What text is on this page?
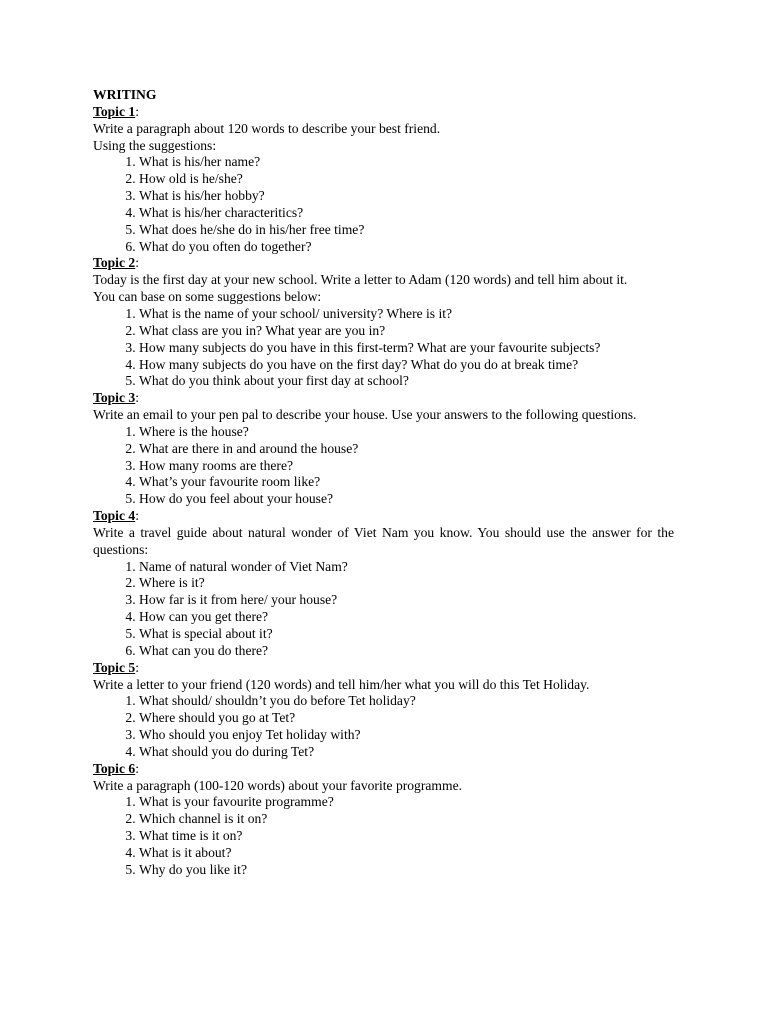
WRITING

Topic 1:

Write a paragraph about 120 words to describe your best friend.

Using the suggestions:

1. What is his/her name?
2. How old is he/she?
3. What is his/her hobby?
4. What is his/her characteritics?
5. What does he/she do in his/her free time?
6. What do you often do together?

Topic 2:

Today is the first day at your new school. Write a letter to Adam (120 words) and tell him about it.

You can base on some suggestions below:

1. What is the name of your school/ university? Where is it?
2. What class are you in? What year are you in?
3. How many subjects do you have in this first-term? What are your favourite subjects?
4. How many subjects do you have on the first day? What do you do at break time?
5. What do you think about your first day at school?

Topic 3:

Write an email to your pen pal to describe your house. Use your answers to the following questions.

1. Where is the house?
2. What are there in and around the house?
3. How many rooms are there?
4. What’s your favourite room like?
5. How do you feel about your house?

Topic 4:

Write a travel guide about natural wonder of Viet Nam you know. You should use the answer for the questions:

1. Name of natural wonder of Viet Nam?
2. Where is it?
3. How far is it from here/ your house?
4. How can you get there?
5. What is special about it?
6. What can you do there?

Topic 5:

Write a letter to your friend (120 words) and tell him/her what you will do this Tet Holiday.

1. What should/ shouldn’t you do before Tet holiday?
2. Where should you go at Tet?
3. Who should you enjoy Tet holiday with?
4. What should you do during Tet?

Topic 6:

Write a paragraph (100-120 words) about your favorite programme.

1. What is your favourite programme?
2. Which channel is it on?
3. What time is it on?
4. What is it about?
5. Why do you like it?
